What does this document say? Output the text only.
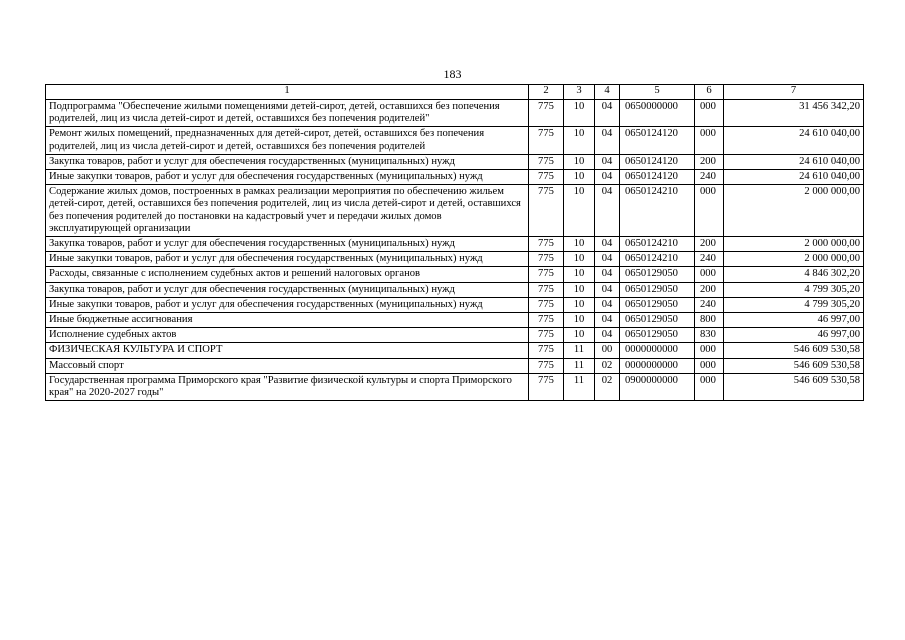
183
1	2	3	4	5	6	7
Подпрограмма "Обеспечение жилыми помещениями детей-сирот, детей, оставшихся без попечения родителей, лиц из числа детей-сирот и детей, оставшихся без попечения родителей"	775	10	04	0650000000	000	31 456 342,20
Ремонт жилых помещений, предназначенных для детей-сирот, детей, оставшихся без попечения родителей, лиц из числа детей-сирот и детей, оставшихся без попечения родителей	775	10	04	0650124120	000	24 610 040,00
Закупка товаров, работ и услуг для обеспечения государственных (муниципальных) нужд	775	10	04	0650124120	200	24 610 040,00
Иные закупки товаров, работ и услуг для обеспечения государственных (муниципальных) нужд	775	10	04	0650124120	240	24 610 040,00
Содержание жилых домов, построенных в рамках реализации мероприятия по обеспечению жильем детей-сирот, детей, оставшихся без попечения родителей, лиц из числа детей-сирот и детей, оставшихся без попечения родителей до постановки на кадастровый учет и передачи жилых домов эксплуатирующей организации	775	10	04	0650124210	000	2 000 000,00
Закупка товаров, работ и услуг для обеспечения государственных (муниципальных) нужд	775	10	04	0650124210	200	2 000 000,00
Иные закупки товаров, работ и услуг для обеспечения государственных (муниципальных) нужд	775	10	04	0650124210	240	2 000 000,00
Расходы, связанные с исполнением судебных актов и решений налоговых органов	775	10	04	0650129050	000	4 846 302,20
Закупка товаров, работ и услуг для обеспечения государственных (муниципальных) нужд	775	10	04	0650129050	200	4 799 305,20
Иные закупки товаров, работ и услуг для обеспечения государственных (муниципальных) нужд	775	10	04	0650129050	240	4 799 305,20
Иные бюджетные ассигнования	775	10	04	0650129050	800	46 997,00
Исполнение судебных актов	775	10	04	0650129050	830	46 997,00
ФИЗИЧЕСКАЯ КУЛЬТУРА И СПОРТ	775	11	00	0000000000	000	546 609 530,58
Массовый спорт	775	11	02	0000000000	000	546 609 530,58
Государственная программа Приморского края "Развитие физической культуры и спорта Приморского края" на 2020-2027 годы"	775	11	02	0900000000	000	546 609 530,58
